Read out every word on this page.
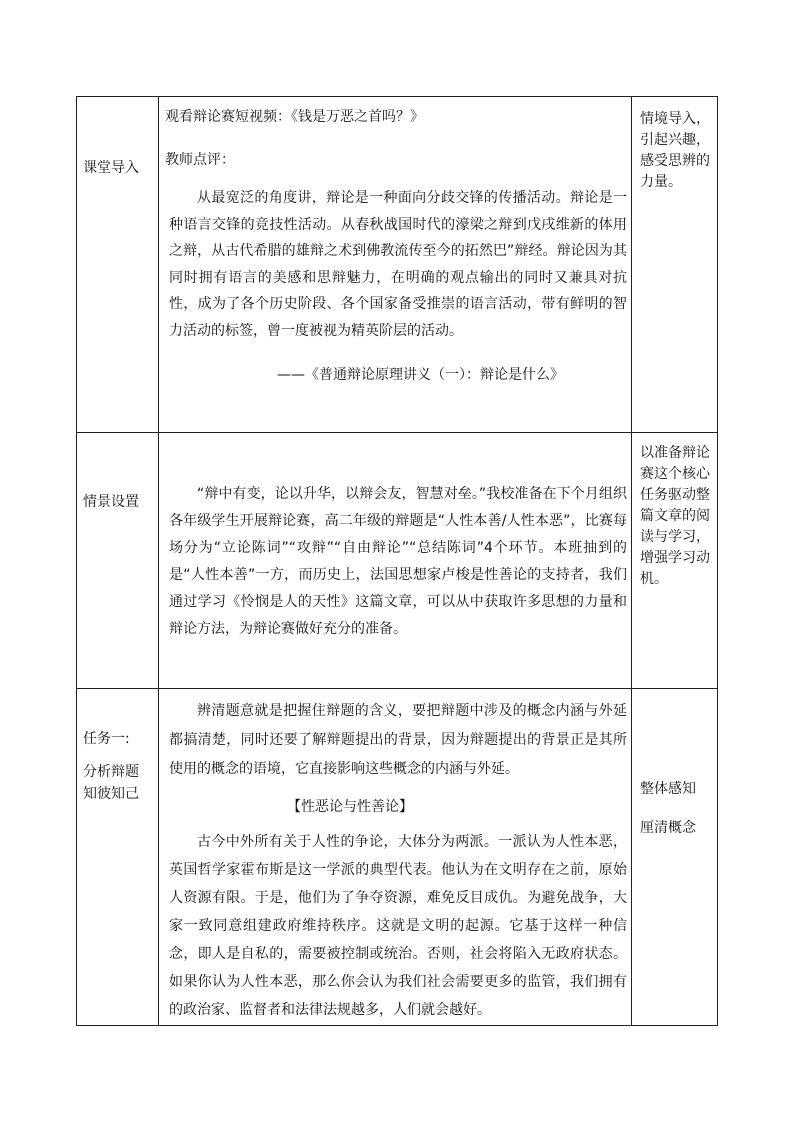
课堂导入
观看辩论赛短视频：《钱是万恶之首吗？》
教师点评：
从最宽泛的角度讲，辩论是一种面向分歧交锋的传播活动。辩论是一种语言交锋的竞技性活动。从春秋战国时代的濠梁之辩到戊戌维新的体用之辩，从古代希腊的雄辩之术到佛教流传至今的拓然巴”辩经。辩论因为其同时拥有语言的美感和思辩魅力，在明确的观点输出的同时又兼具对抗性，成为了各个历史阶段、各个国家备受推崇的语言活动，带有鲜明的智力活动的标签，曾一度被视为精英阶层的活动。
——《普通辩论原理讲义（一）：辩论是什么》
情境导入，引起兴趣，感受思辨的力量。
情景设置	“辩中有变，论以升华，以辩会友，智慧对垒。”我校准备在下个月组织各年级学生开展辩论赛，高二年级的辩题是“人性本善/人性本恶”，比赛每场分为“立论陈词”“攻辩”“自由辩论”“总结陈词”4个环节。本班抽到的是“人性本善”一方，而历史上，法国思想家卢梭是性善论的支持者，我们通过学习《怜悯是人的天性》这篇文章，可以从中获取许多思想的力量和辩论方法，为辩论赛做好充分的准备。
以准备辩论赛这个核心任务驱动整篇文章的阅读与学习，增强学习动机。
任务一:
分析辩题知彼知己
辨清题意就是把握住辩题的含义，要把辩题中涉及的概念内涵与外延都搞清楚，同时还要了解辩题提出的背景，因为辩题提出的背景正是其所使用的概念的语境，它直接影响这些概念的内涵与外延。
【性恶论与性善论】
古今中外所有关于人性的争论，大体分为两派。一派认为人性本恶，英国哲学家霍布斯是这一学派的典型代表。他认为在文明存在之前，原始人资源有限。于是，他们为了争夺资源，难免反目成仇。为避免战争，大家一致同意组建政府维持秩序。这就是文明的起源。它基于这样一种信念，即人是自私的，需要被控制或统治。否则，社会将陷入无政府状态。如果你认为人性本恶，那么你会认为我们社会需要更多的监管，我们拥有的政治家、监督者和法律法规越多，人们就会越好。
整体感知
厘清概念
